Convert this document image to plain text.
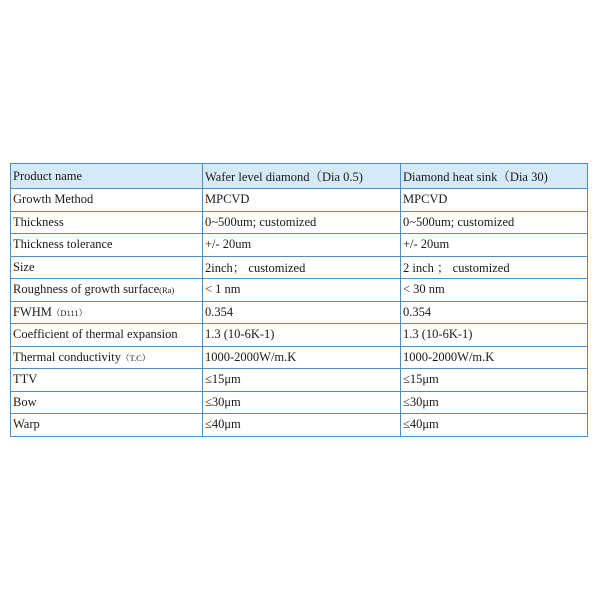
Product name	Wafer level diamond（Dia 0.5)	Diamond heat sink（Dia 30)
Growth Method	MPCVD	MPCVD
Thickness	0~500um; customized	0~500um; customized
Thickness tolerance	+/- 20um	+/- 20um
Size	2inch； customized	2 inch ； customized
Roughness of growth surface(Ra)	< 1 nm	< 30 nm
FWHM（D111）	0.354	0.354
Coefficient of thermal expansion	1.3 (10-6K-1)	1.3 (10-6K-1)
Thermal conductivity（T.C）	1000-2000W/m.K	1000-2000W/m.K
TTV	≤15μm	≤15μm
Bow	≤30μm	≤30μm
Warp	≤40μm	≤40μm
